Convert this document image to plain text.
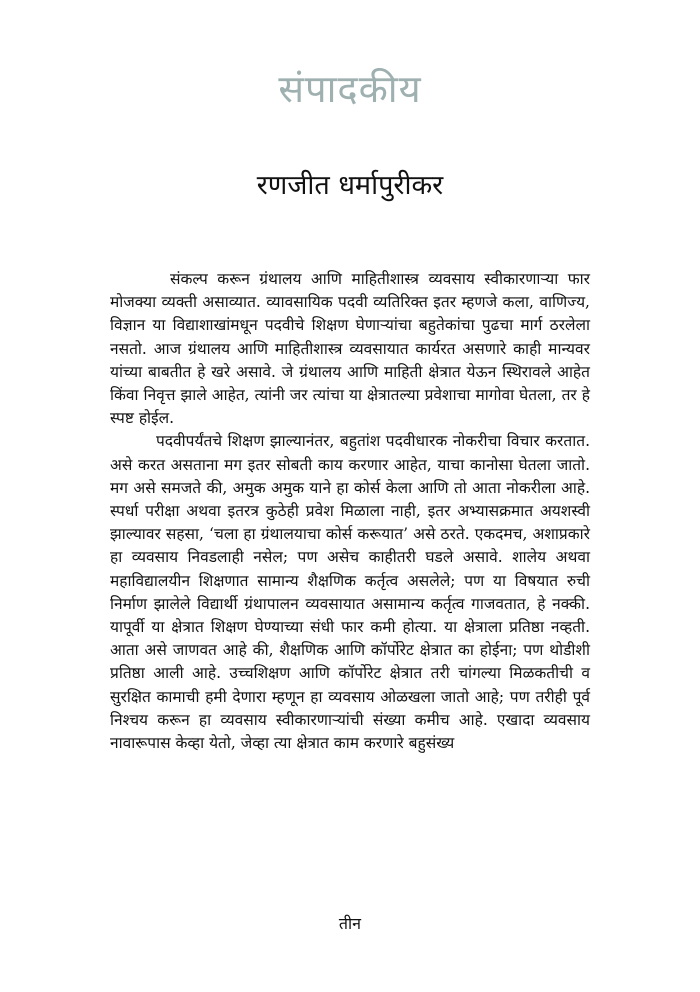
संपादकीय
रणजीत धर्मापुरीकर

संकल्प करून ग्रंथालय आणि माहितीशास्त्र व्यवसाय स्वीकारणाऱ्या फार मोजक्या व्यक्ती असाव्यात. व्यावसायिक पदवी व्यतिरिक्त इतर म्हणजे कला, वाणिज्य, विज्ञान या विद्याशाखांमधून पदवीचे शिक्षण घेणाऱ्यांचा बहुतेकांचा पुढचा मार्ग ठरलेला नसतो. आज ग्रंथालय आणि माहितीशास्त्र व्यवसायात कार्यरत असणारे काही मान्यवर यांच्या बाबतीत हे खरे असावे. जे ग्रंथालय आणि माहिती क्षेत्रात येऊन स्थिरावले आहेत किंवा निवृत्त झाले आहेत, त्यांनी जर त्यांचा या क्षेत्रातल्या प्रवेशाचा मागोवा घेतला, तर हे स्पष्ट होईल.

पदवीपर्यंतचे शिक्षण झाल्यानंतर, बहुतांश पदवीधारक नोकरीचा विचार करतात. असे करत असताना मग इतर सोबती काय करणार आहेत, याचा कानोसा घेतला जातो. मग असे समजते की, अमुक अमुक याने हा कोर्स केला आणि तो आता नोकरीला आहे. स्पर्धा परीक्षा अथवा इतरत्र कुठेही प्रवेश मिळाला नाही, इतर अभ्यासक्रमात अयशस्वी झाल्यावर सहसा, ‘चला हा ग्रंथालयाचा कोर्स करूयात’ असे ठरते. एकदमच, अशाप्रकारे हा व्यवसाय निवडलाही नसेल; पण असेच काहीतरी घडले असावे. शालेय अथवा महाविद्यालयीन शिक्षणात सामान्य शैक्षणिक कर्तृत्व असलेले; पण या विषयात रुची निर्माण झालेले विद्यार्थी ग्रंथापालन व्यवसायात असामान्य कर्तृत्व गाजवतात, हे नक्की. यापूर्वी या क्षेत्रात शिक्षण घेण्याच्या संधी फार कमी होत्या. या क्षेत्राला प्रतिष्ठा नव्हती. आता असे जाणवत आहे की, शैक्षणिक आणि कॉर्पोरेट क्षेत्रात का होईना; पण थोडीशी प्रतिष्ठा आली आहे. उच्चशिक्षण आणि कॉर्पोरेट क्षेत्रात तरी चांगल्या मिळकतीची व सुरक्षित कामाची हमी देणारा म्हणून हा व्यवसाय ओळखला जातो आहे; पण तरीही पूर्व निश्चय करून हा व्यवसाय स्वीकारणाऱ्यांची संख्या कमीच आहे. एखादा व्यवसाय नावारूपास केव्हा येतो, जेव्हा त्या क्षेत्रात काम करणारे बहुसंख्य

तीन
